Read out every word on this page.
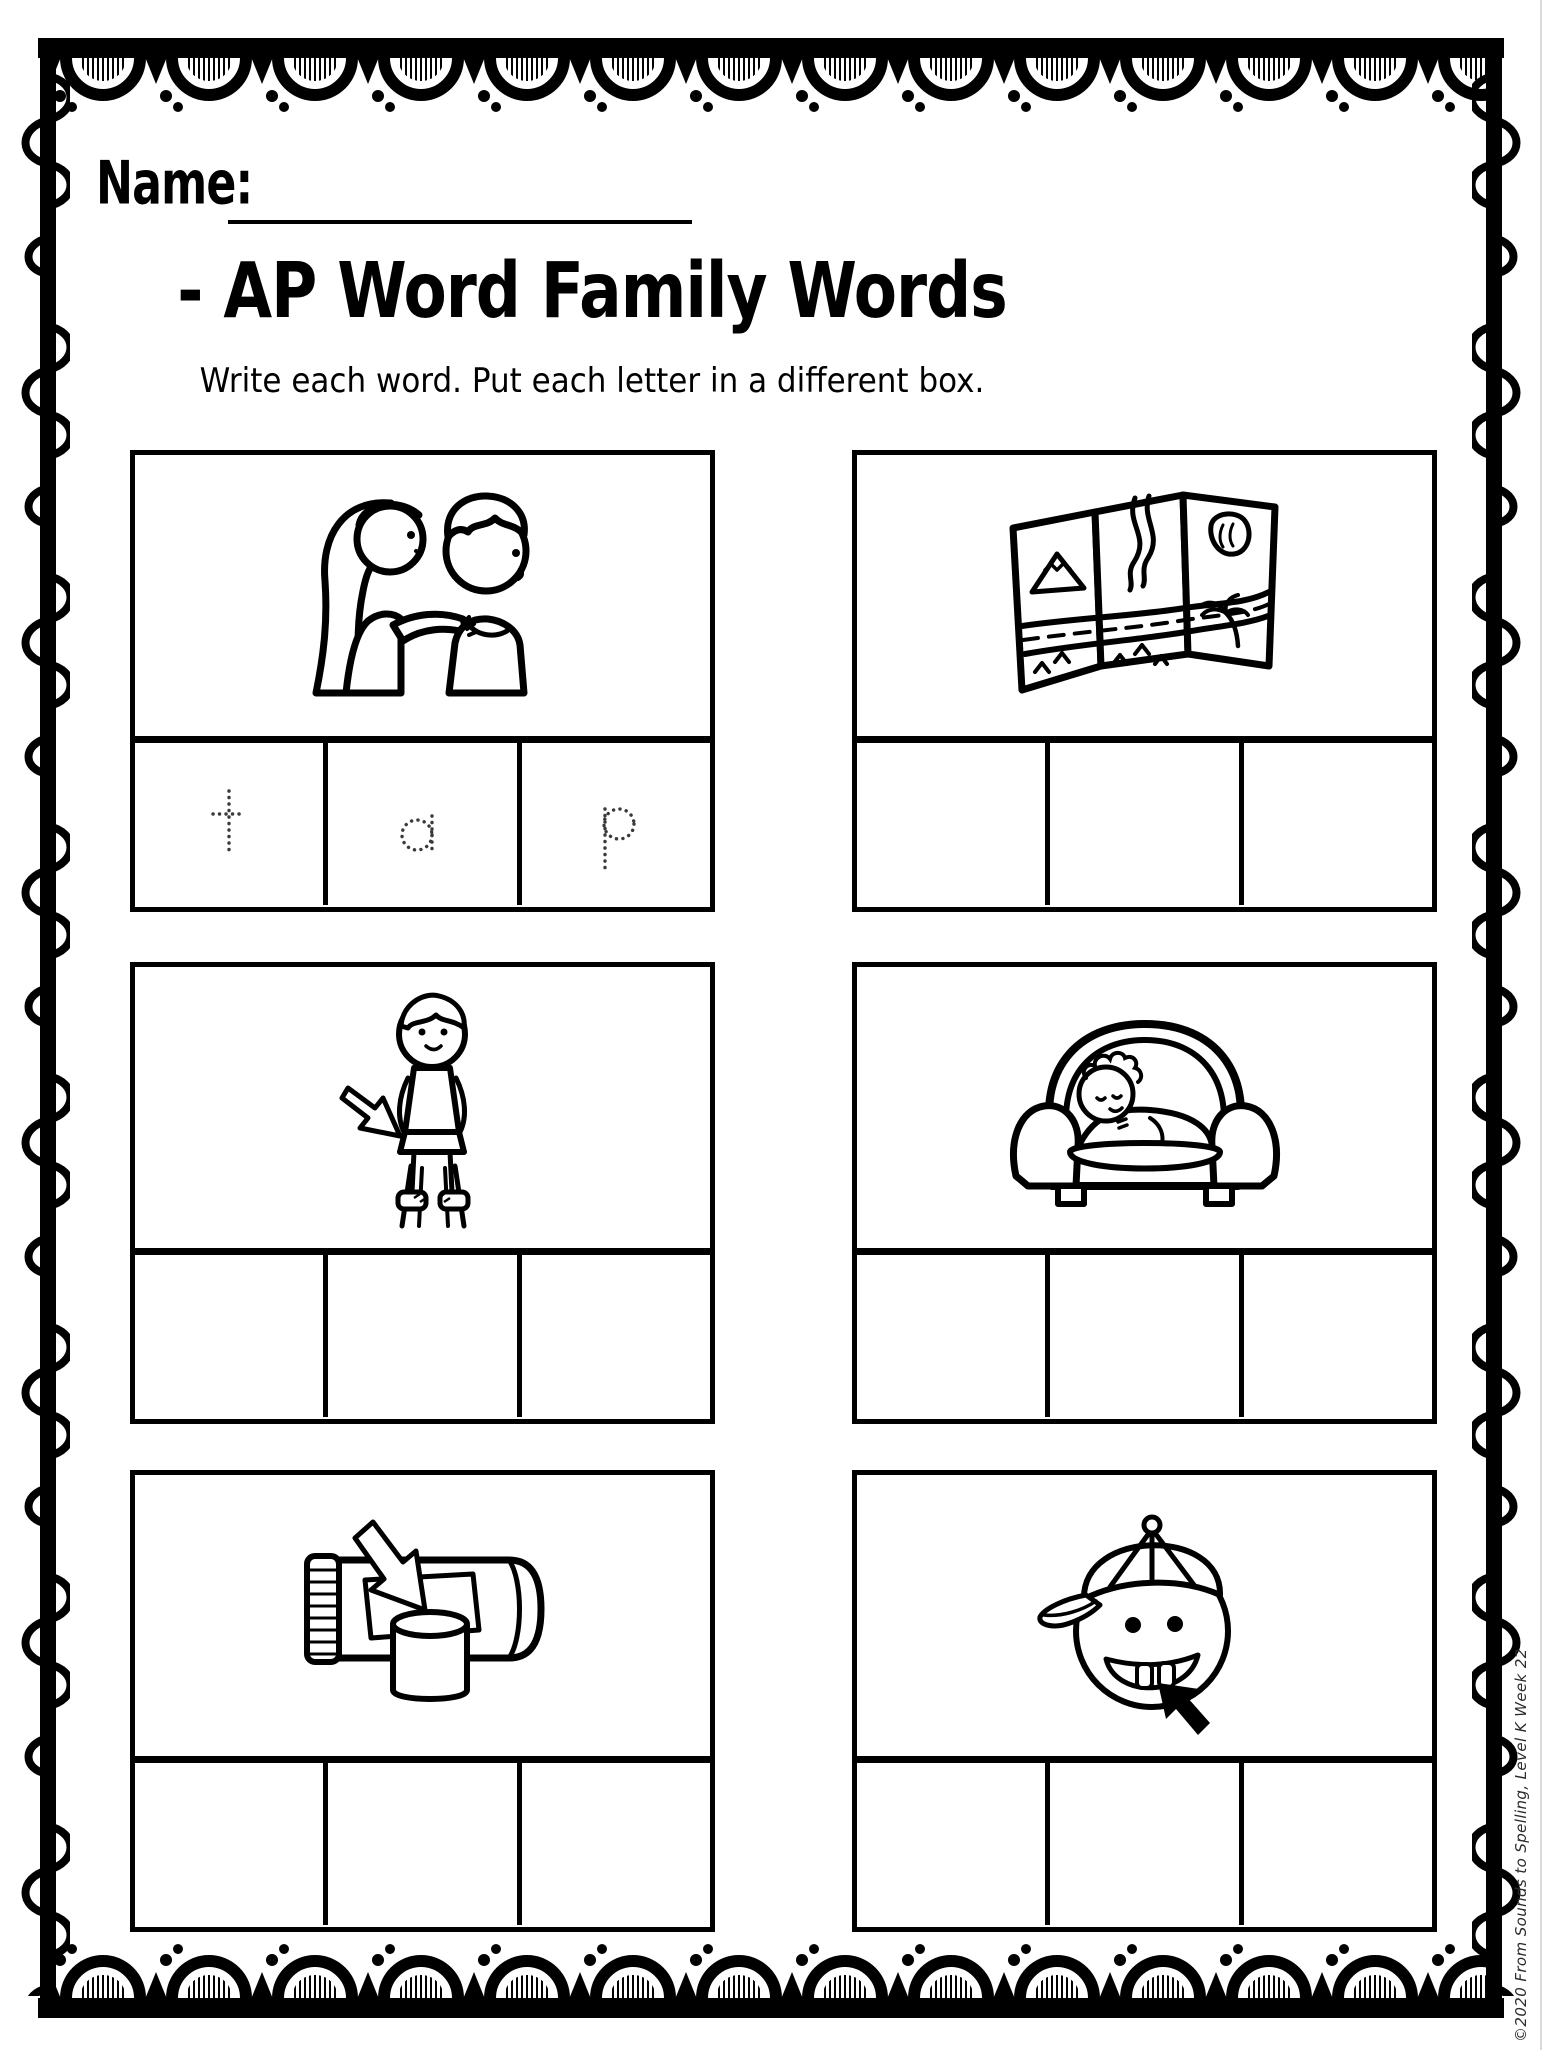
Name:
- AP Word Family Words
Write each word. Put each letter in a different box.
©2020 From Sounds to Spelling, Level K Week 22
